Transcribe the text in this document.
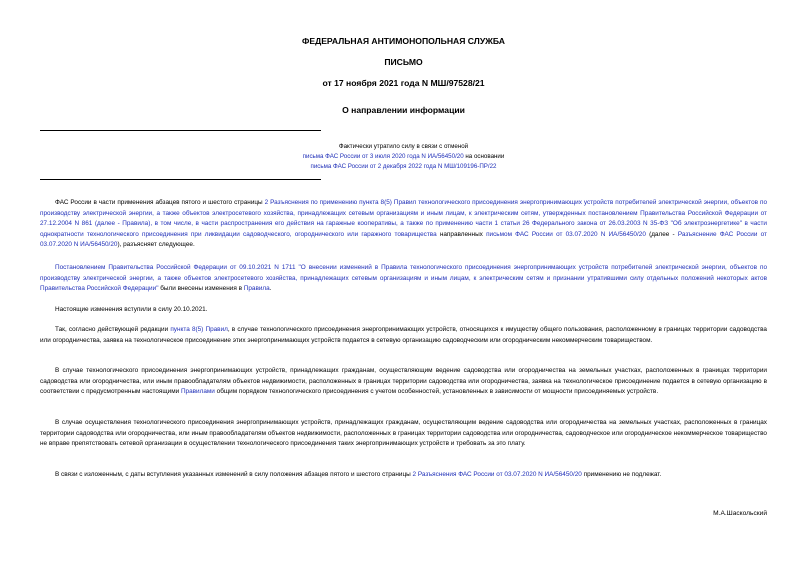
ФЕДЕРАЛЬНАЯ АНТИМОНОПОЛЬНАЯ СЛУЖБА
ПИСЬМО
от 17 ноября 2021 года N МШ/97528/21
О направлении информации
Фактически утратило силу в связи с отменой
письма ФАС России от 3 июля 2020 года N ИА/56450/20 на основании
письма ФАС России от 2 декабря 2022 года N МШ/109196-ПР/22

ФАС России в части применения абзацев пятого и шестого страницы 2 Разъяснения по применению пункта 8(5) Правил технологического присоединения энергопринимающих устройств потребителей электрической энергии, объектов по производству электрической энергии, а также объектов электросетевого хозяйства, принадлежащих сетевым организациям и иным лицам, к электрическим сетям, утвержденных постановлением Правительства Российской Федерации от 27.12.2004 N 861 (далее - Правила), в том числе, в части распространения его действия на гаражные кооперативы, а также по применению части 1 статьи 26 Федерального закона от 26.03.2003 N 35-ФЗ "Об электроэнергетике" в части однократности технологического присоединения при ликвидации садоводческого, огороднического или гаражного товарищества направленных письмом ФАС России от 03.07.2020 N ИА/56450/20 (далее - Разъяснение ФАС России от 03.07.2020 N ИА/56450/20), разъясняет следующее.

Постановлением Правительства Российской Федерации от 09.10.2021 N 1711 "О внесении изменений в Правила технологического присоединения энергопринимающих устройств потребителей электрической энергии, объектов по производству электрической энергии, а также объектов электросетевого хозяйства, принадлежащих сетевым организациям и иным лицам, к электрическим сетям и признании утратившими силу отдельных положений некоторых актов Правительства Российской Федерации" были внесены изменения в Правила.

Настоящие изменения вступили в силу 20.10.2021.

Так, согласно действующей редакции пункта 8(5) Правил, в случае технологического присоединения энергопринимающих устройств, относящихся к имуществу общего пользования, расположенному в границах территории садоводства или огородничества, заявка на технологическое присоединение этих энергопринимающих устройств подается в сетевую организацию садоводческим или огородническим некоммерческим товариществом.

В случае технологического присоединения энергопринимающих устройств, принадлежащих гражданам, осуществляющим ведение садоводства или огородничества на земельных участках, расположенных в границах территории садоводства или огородничества, или иным правообладателям объектов недвижимости, расположенных в границах территории садоводства или огородничества, заявка на технологическое присоединение подается в сетевую организацию в соответствии с предусмотренным настоящими Правилами общим порядком технологического присоединения с учетом особенностей, установленных в зависимости от мощности присоединяемых устройств.

В случае осуществления технологического присоединения энергопринимающих устройств, принадлежащих гражданам, осуществляющим ведение садоводства или огородничества на земельных участках, расположенных в границах территории садоводства или огородничества, или иным правообладателям объектов недвижимости, расположенных в границах территории садоводства или огородничества, садоводческое или огородническое некоммерческое товарищество не вправе препятствовать сетевой организации в осуществлении технологического присоединения таких энергопринимающих устройств и требовать за это плату.

В связи с изложенным, с даты вступления указанных изменений в силу положения абзацев пятого и шестого страницы 2 Разъяснения ФАС России от 03.07.2020 N ИА/56450/20 применению не подлежат.

М.А.Шаскольский
